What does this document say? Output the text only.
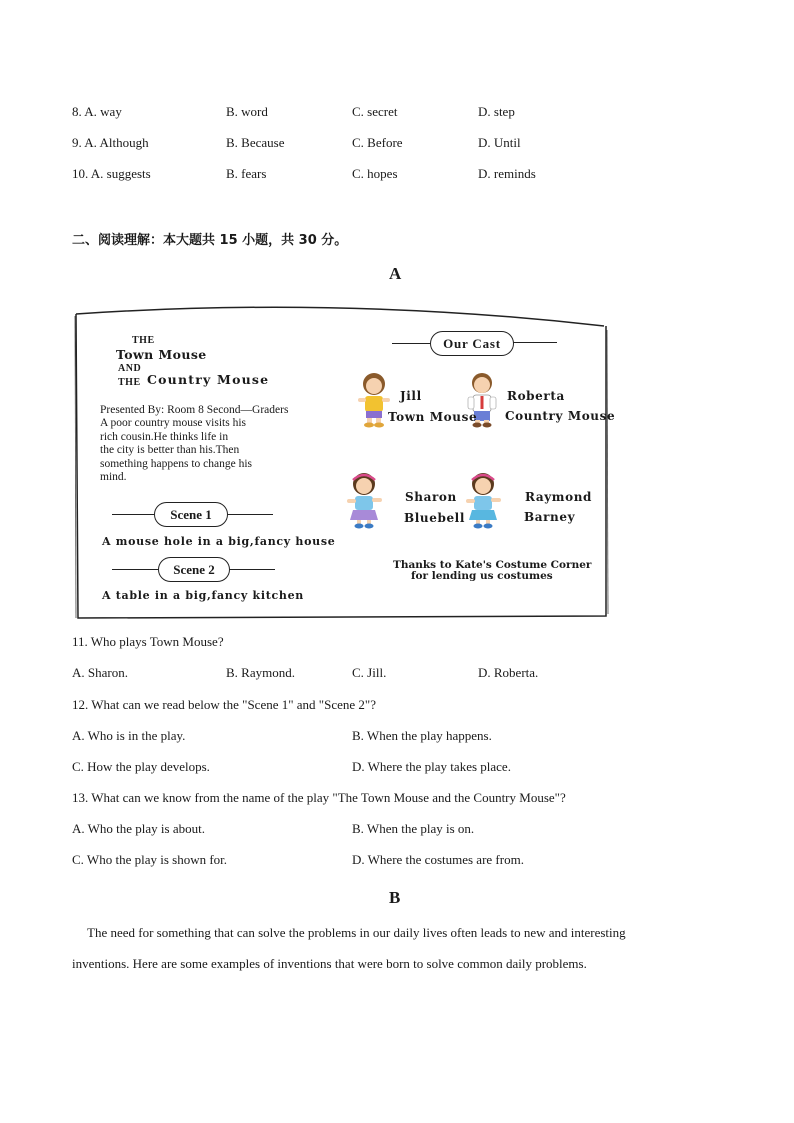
8. A. way	B. word	C. secret	D. step
9. A. Although	B. Because	C. Before	D. Until
10. A. suggests	B. fears	C. hopes	D. reminds
二、阅读理解：本大题共 15 小题，共 30 分。
A
THE
Town Mouse
AND
THE Country Mouse
Presented By: Room 8 Second—Graders
A poor country mouse visits his
rich cousin.He thinks life in
the city is better than his.Then
something happens to change his
mind.
Scene 1
A mouse hole in a big,fancy house
Scene 2
A table in a big,fancy kitchen
Our Cast
Jill
Town Mouse
Roberta
Country Mouse
Sharon
Bluebell
Raymond
Barney
Thanks to Kate's Costume Corner
for lending us costumes
11. Who plays Town Mouse?
A. Sharon.	B. Raymond.	C. Jill.	D. Roberta.
12. What can we read below the "Scene 1" and "Scene 2"?
A. Who is in the play.	B. When the play happens.
C. How the play develops.	D. Where the play takes place.
13. What can we know from the name of the play "The Town Mouse and the Country Mouse"?
A. Who the play is about.	B. When the play is on.
C. Who the play is shown for.	D. Where the costumes are from.
B
The need for something that can solve the problems in our daily lives often leads to new and interesting
inventions. Here are some examples of inventions that were born to solve common daily problems.
